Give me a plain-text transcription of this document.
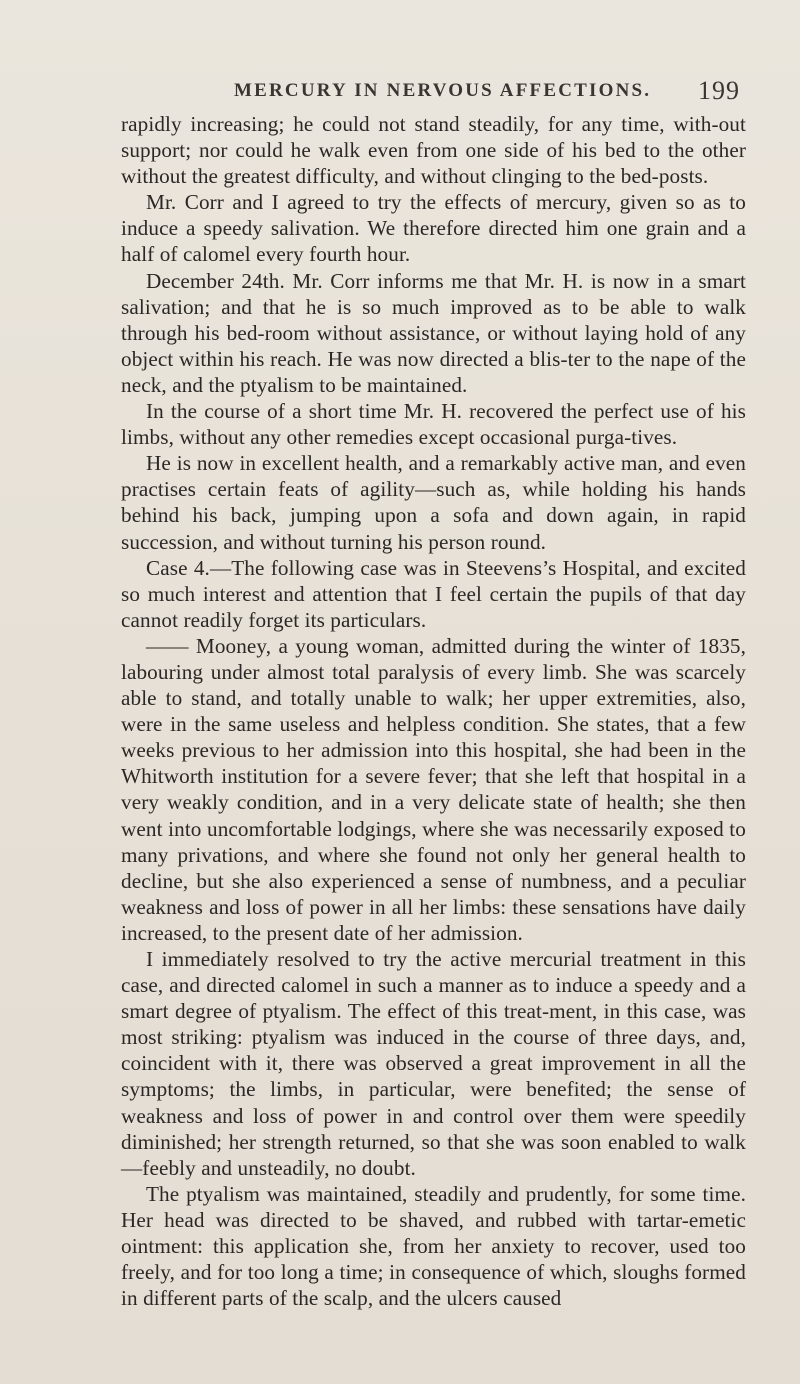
MERCURY IN NERVOUS AFFECTIONS. 199

rapidly increasing; he could not stand steadily, for any time, with-out support; nor could he walk even from one side of his bed to the other without the greatest difficulty, and without clinging to the bed-posts.

Mr. Corr and I agreed to try the effects of mercury, given so as to induce a speedy salivation. We therefore directed him one grain and a half of calomel every fourth hour.

December 24th. Mr. Corr informs me that Mr. H. is now in a smart salivation; and that he is so much improved as to be able to walk through his bed-room without assistance, or without laying hold of any object within his reach. He was now directed a blis-ter to the nape of the neck, and the ptyalism to be maintained.

In the course of a short time Mr. H. recovered the perfect use of his limbs, without any other remedies except occasional purga-tives.

He is now in excellent health, and a remarkably active man, and even practises certain feats of agility—such as, while holding his hands behind his back, jumping upon a sofa and down again, in rapid succession, and without turning his person round.

Case 4.—The following case was in Steevens’s Hospital, and excited so much interest and attention that I feel certain the pupils of that day cannot readily forget its particulars.

—— Mooney, a young woman, admitted during the winter of 1835, labouring under almost total paralysis of every limb. She was scarcely able to stand, and totally unable to walk; her upper extremities, also, were in the same useless and helpless condition. She states, that a few weeks previous to her admission into this hospital, she had been in the Whitworth institution for a severe fever; that she left that hospital in a very weakly condition, and in a very delicate state of health; she then went into uncomfortable lodgings, where she was necessarily exposed to many privations, and where she found not only her general health to decline, but she also experienced a sense of numbness, and a peculiar weakness and loss of power in all her limbs: these sensations have daily increased, to the present date of her admission.

I immediately resolved to try the active mercurial treatment in this case, and directed calomel in such a manner as to induce a speedy and a smart degree of ptyalism. The effect of this treat-ment, in this case, was most striking: ptyalism was induced in the course of three days, and, coincident with it, there was observed a great improvement in all the symptoms; the limbs, in particular, were benefited; the sense of weakness and loss of power in and control over them were speedily diminished; her strength returned, so that she was soon enabled to walk—feebly and unsteadily, no doubt.

The ptyalism was maintained, steadily and prudently, for some time. Her head was directed to be shaved, and rubbed with tartar-emetic ointment: this application she, from her anxiety to recover, used too freely, and for too long a time; in consequence of which, sloughs formed in different parts of the scalp, and the ulcers caused
